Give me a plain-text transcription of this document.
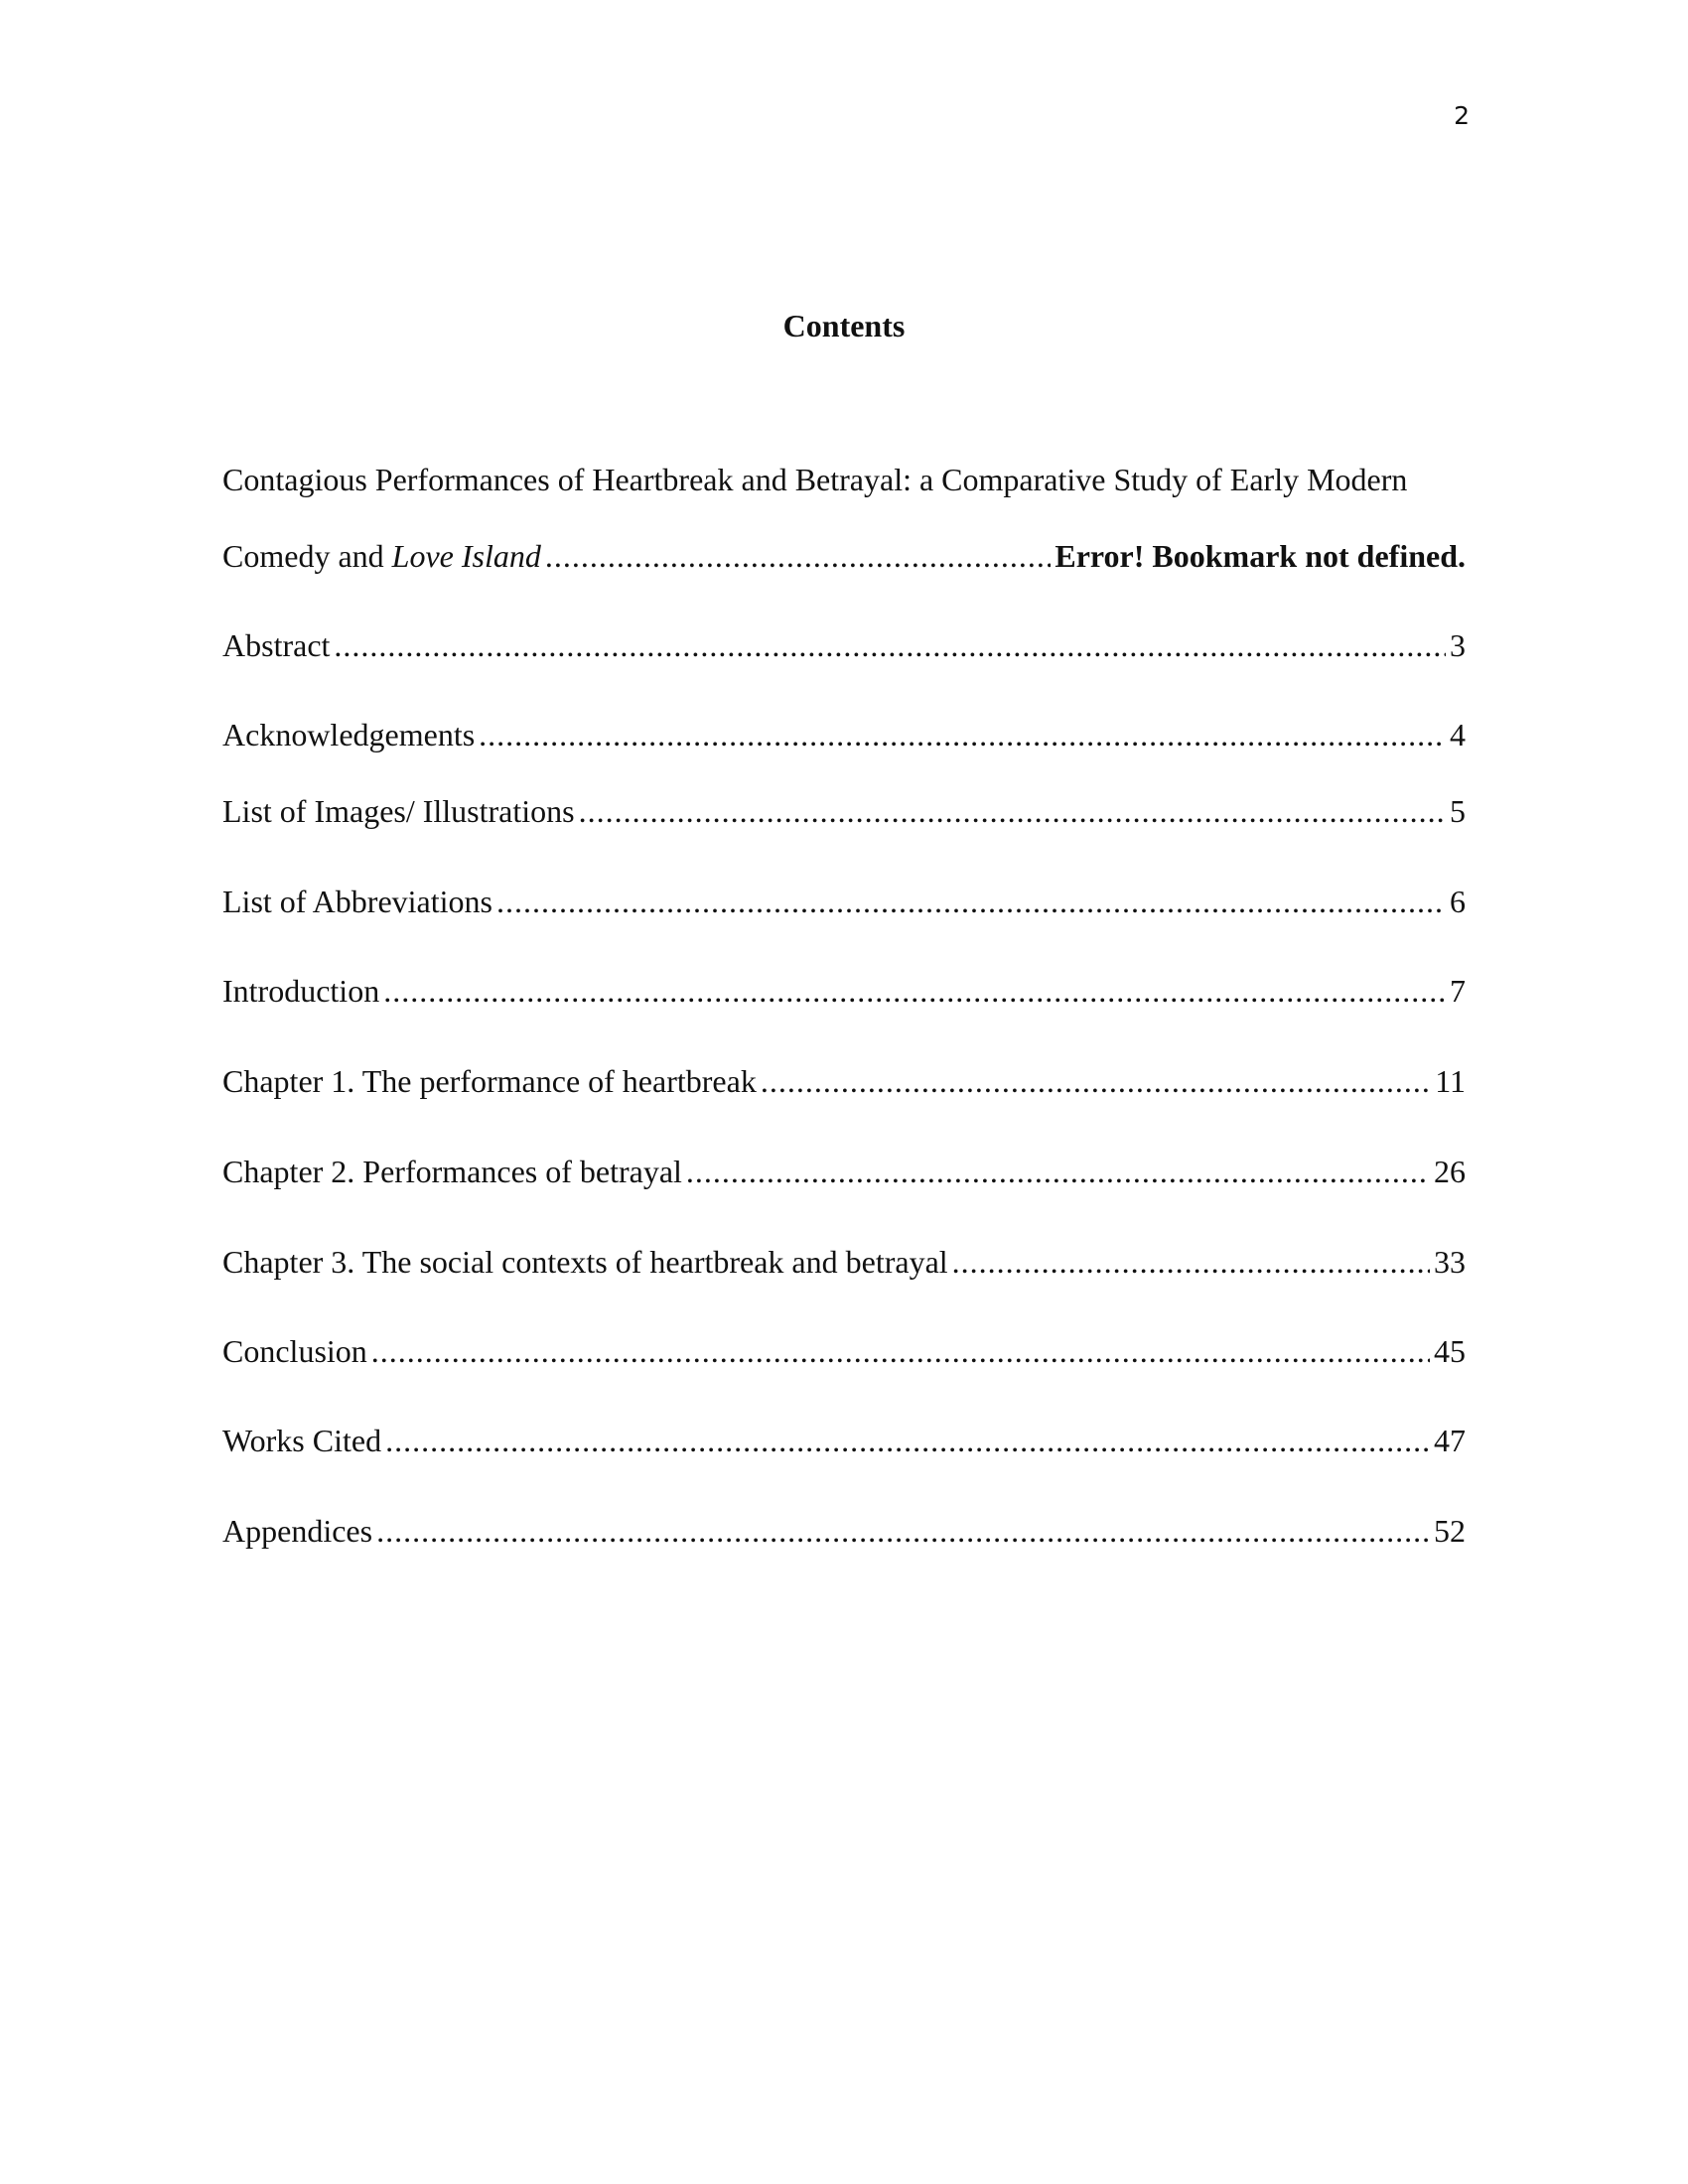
2
Contents
Contagious Performances of Heartbreak and Betrayal: a Comparative Study of Early Modern
Comedy and Love Island .....	Error! Bookmark not defined.
Abstract .....	3
Acknowledgements .....	4
List of Images/ Illustrations .....	5
List of Abbreviations .....	6
Introduction .....	7
Chapter 1. The performance of heartbreak .....	11
Chapter 2. Performances of betrayal .....	26
Chapter 3. The social contexts of heartbreak and betrayal .....	33
Conclusion .....	45
Works Cited .....	47
Appendices .....	52
